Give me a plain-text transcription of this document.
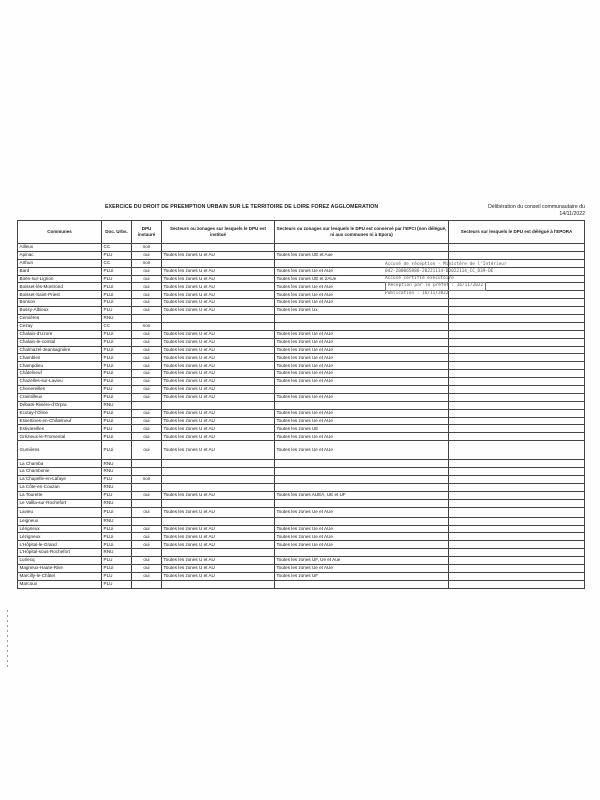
EXERCICE DU DROIT DE PREEMPTION URBAIN SUR LE TERRITOIRE DE LOIRE FOREZ AGGLOMERATION	Délibération du conseil communautaire du
14/11/2022
Communes	Doc. Urbs.	DPU instauré	Secteurs ou zonages sur lesquels le DPU est institué	Secteurs ou zonages sur lesquels le DPU est conservé par l'EPCI (non délégué, ni aux communes ni à Epora)	Secteurs sur lesquels le DPU est délégué à l'EPORA
Ailleux	CC	non			
Apinac	PLU	oui	Toutes les zones U et AU	Toutes les zones UE et Aue	
Arthun	CC	non			
Bard	PLUi	oui	Toutes les zones U et AU	Toutes les zones Ue et AUe	
Boën-sur-Lignon	PLU	oui	Toutes les zones U et AU	Toutes les zones UE et 2AUe	
Boisset-lès-Montrond	PLUi	oui	Toutes les zones U et AU	Toutes les zones Ue et AUe	
Boisset-Saint-Priest	PLUi	oui	Toutes les zones U et AU	Toutes les zones Ue et AUe	
Bonson	PLUi	oui	Toutes les zones U et AU	Toutes les zones Ue et AUe	
Bussy-Albieux	PLU	oui	Toutes les zones U et AU	Toutes les zones Ux	
Cervières	RNU				
Cezay	CC	non			
Chalain-d'Uzore	PLUi	oui	Toutes les zones U et AU	Toutes les zones Ue et AUe	
Chalain-le-comtal	PLUi	oui	Toutes les zones U et AU	Toutes les zones Ue et AUe	
Chalmazel-Jeansagnière	PLUi	oui	Toutes les zones U et AU	Toutes les zones Ue et AUe	
Chambles	PLUi	oui	Toutes les zones U et AU	Toutes les zones Ue et AUe	
Champdieu	PLUi	oui	Toutes les zones U et AU	Toutes les zones Ue et AUe	
Châtelneuf	PLUi	oui	Toutes les zones U et AU	Toutes les zones Ue et AUe	
Chazelles-sur-Lavieu	PLUi	oui	Toutes les zones U et AU	Toutes les zones Ue et AUe	
Chenereilles	PLU	oui	Toutes les zones U et AU		
Craintilleux	PLUi	oui	Toutes les zones U et AU	Toutes les zones Ue et AUe	
Débats-Rivière-d'Orpra	RNU				
Ecotay-l'Olme	PLUi	oui	Toutes les zones U et AU	Toutes les zones Ue et AUe	
Essertines-en-Châtelneuf	PLUi	oui	Toutes les zones U et AU	Toutes les zones Ue et AUe	
Estivareilles	PLU	oui	Toutes les zones U et AU	Toutes les zones UE	
Grézieux-le-Fromental	PLUi	oui	Toutes les zones U et AU	Toutes les zones Ue et AUe	
Gumières	PLUi	oui	Toutes les zones U et AU	Toutes les zones Ue et AUe	
La Chamba	RNU				
La Chambonie	RNU				
La Chapelle-en-Lafaye	PLU	non			
La Côte-en-Couzan	RNU				
La Tourette	PLU	oui	Toutes les zones U et AU	Toutes les zones AUEA, UE et UF	
Le Vallla-sur-Rochefort	RNU				
Lavieu	PLUi	oui	Toutes les zones U et AU	Toutes les zones Ue et AUe	
Leigneux	RNU				
Lérigneux	PLUi	oui	Toutes les zones U et AU	Toutes les zones Ue et AUe	
Lézigneux	PLUi	oui	Toutes les zones U et AU	Toutes les zones Ue et AUe	
L'Hôpital-le-Grand	PLUi	oui	Toutes les zones U et AU	Toutes les zones Ue et AUe	
L'Hôpital-sous-Rochefort	RNU				
Luriecq	PLU	oui	Toutes les zones U et AU	Toutes les zones UF, Ue et Aue	
Magneux-Haute-Rive	PLUi	oui	Toutes les zones U et AU	Toutes les zones Ue et AUe	
Marcilly-le-Châtel	PLU	oui	Toutes les zones U et AU	Toutes les zones UF	
Marcoux	PLU				
Accusé de réception - Ministère de l'Intérieur
042-200065886-20221114-D2022114_CC_D39-DE
Accusé certifié exécutoire
Réception par le préfet : 16/11/2022
Publication : 16/11/2022
